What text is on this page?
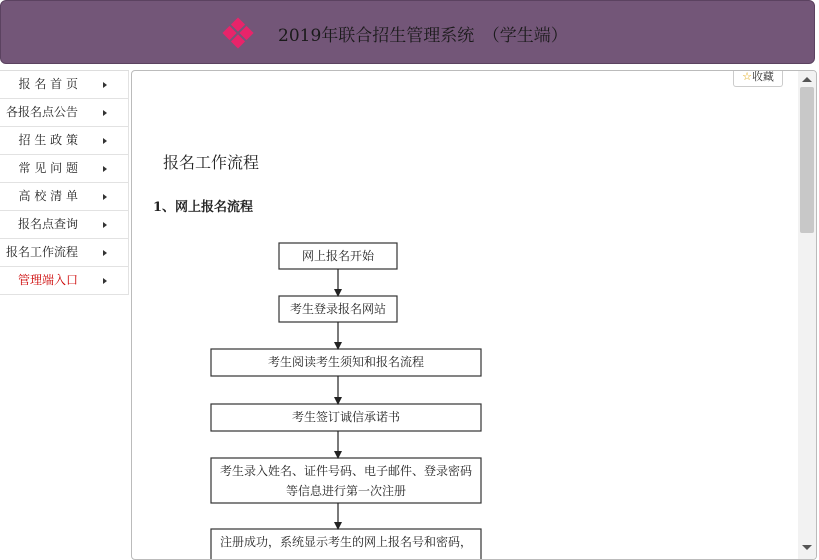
2019年联合招生管理系统　（学生端）
报 名 首 页
各报名点公告
招 生 政 策
常 见 问 题
高 校 清 单
报名点查询
报名工作流程
管理端入口
☆收藏
报名工作流程
1、网上报名流程
网上报名开始
考生登录报名网站
考生阅读考生须知和报名流程
考生签订诚信承诺书
考生录入姓名、证件号码、电子邮件、登录密码
等信息进行第一次注册
注册成功，系统显示考生的网上报名号和密码，
